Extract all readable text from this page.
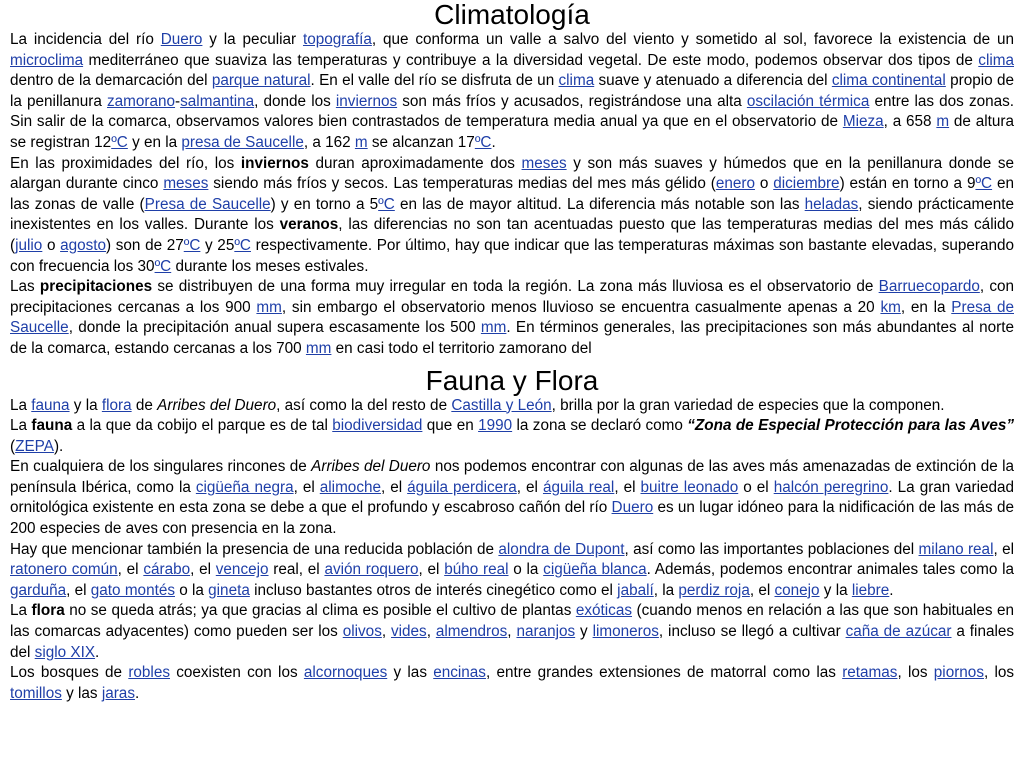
Climatología

La incidencia del río Duero y la peculiar topografía, que conforma un valle a salvo del viento y sometido al sol, favorece la existencia de un microclima mediterráneo que suaviza las temperaturas y contribuye a la diversidad vegetal. De este modo, podemos observar dos tipos de clima dentro de la demarcación del parque natural. En el valle del río se disfruta de un clima suave y atenuado a diferencia del clima continental propio de la penillanura zamorano-salmantina, donde los inviernos son más fríos y acusados, registrándose una alta oscilación térmica entre las dos zonas. Sin salir de la comarca, observamos valores bien contrastados de temperatura media anual ya que en el observatorio de Mieza, a 658 m de altura se registran 12ºC y en la presa de Saucelle, a 162 m se alcanzan 17ºC.

En las proximidades del río, los inviernos duran aproximadamente dos meses y son más suaves y húmedos que en la penillanura donde se alargan durante cinco meses siendo más fríos y secos. Las temperaturas medias del mes más gélido (enero o diciembre) están en torno a 9ºC en las zonas de valle (Presa de Saucelle) y en torno a 5ºC en las de mayor altitud. La diferencia más notable son las heladas, siendo prácticamente inexistentes en los valles. Durante los veranos, las diferencias no son tan acentuadas puesto que las temperaturas medias del mes más cálido (julio o agosto) son de 27ºC y 25ºC respectivamente. Por último, hay que indicar que las temperaturas máximas son bastante elevadas, superando con frecuencia los 30ºC durante los meses estivales.

Las precipitaciones se distribuyen de una forma muy irregular en toda la región. La zona más lluviosa es el observatorio de Barruecopardo, con precipitaciones cercanas a los 900 mm, sin embargo el observatorio menos lluvioso se encuentra casualmente apenas a 20 km, en la Presa de Saucelle, donde la precipitación anual supera escasamente los 500 mm. En términos generales, las precipitaciones son más abundantes al norte de la comarca, estando cercanas a los 700 mm en casi todo el territorio zamorano del

Fauna y Flora

La fauna y la flora de Arribes del Duero, así como la del resto de Castilla y León, brilla por la gran variedad de especies que la componen.

La fauna a la que da cobijo el parque es de tal biodiversidad que en 1990 la zona se declaró como “Zona de Especial Protección para las Aves” (ZEPA).

En cualquiera de los singulares rincones de Arribes del Duero nos podemos encontrar con algunas de las aves más amenazadas de extinción de la península Ibérica, como la cigüeña negra, el alimoche, el águila perdicera, el águila real, el buitre leonado o el halcón peregrino. La gran variedad ornitológica existente en esta zona se debe a que el profundo y escabroso cañón del río Duero es un lugar idóneo para la nidificación de las más de 200 especies de aves con presencia en la zona.

Hay que mencionar también la presencia de una reducida población de alondra de Dupont, así como las importantes poblaciones del milano real, el ratonero común, el cárabo, el vencejo real, el avión roquero, el búho real o la cigüeña blanca. Además, podemos encontrar animales tales como la garduña, el gato montés o la gineta incluso bastantes otros de interés cinegético como el jabalí, la perdiz roja, el conejo y la liebre.

La flora no se queda atrás; ya que gracias al clima es posible el cultivo de plantas exóticas (cuando menos en relación a las que son habituales en las comarcas adyacentes) como pueden ser los olivos, vides, almendros, naranjos y limoneros, incluso se llegó a cultivar caña de azúcar a finales del siglo XIX.

Los bosques de robles coexisten con los alcornoques y las encinas, entre grandes extensiones de matorral como las retamas, los piornos, los tomillos y las jaras.
